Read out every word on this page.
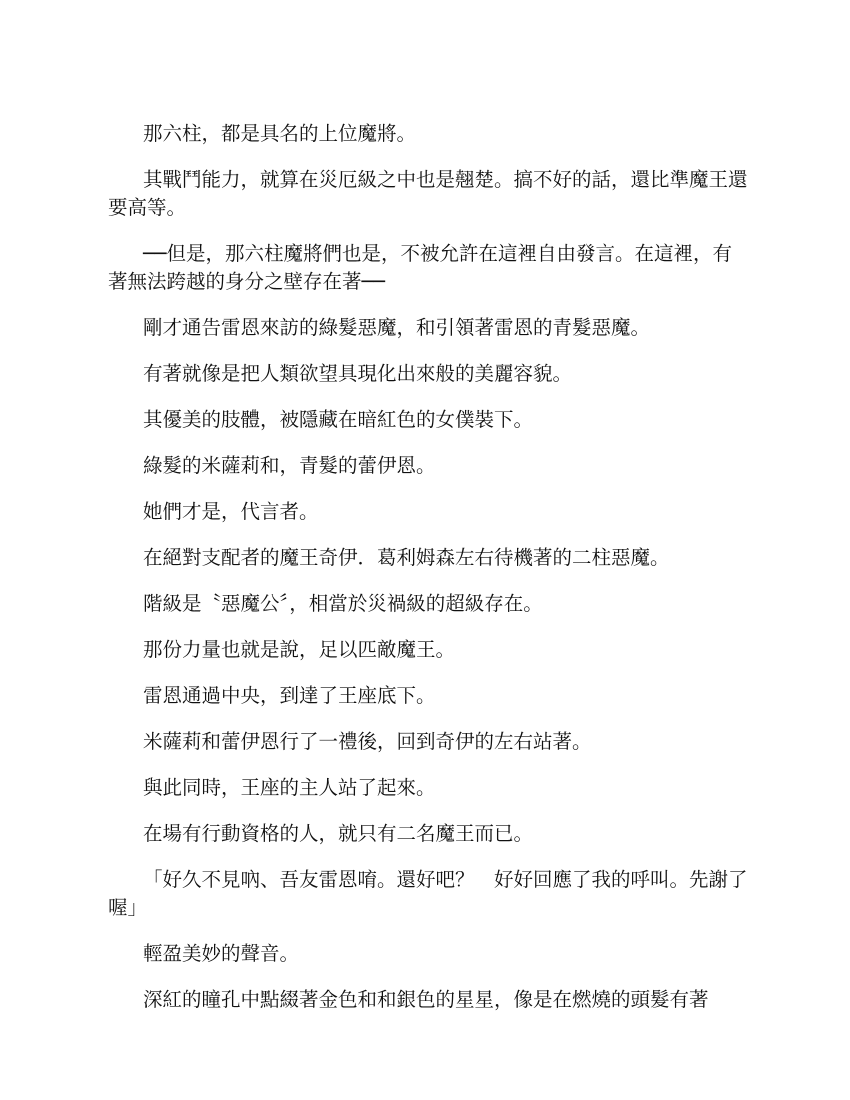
那六柱，都是具名的上位魔將。

其戰鬥能力，就算在災厄級之中也是翹楚。搞不好的話，還比準魔王還要高等。

──但是，那六柱魔將們也是，不被允許在這裡自由發言。在這裡，有著無法跨越的身分之壁存在著──

剛才通告雷恩來訪的綠髮惡魔，和引領著雷恩的青髮惡魔。

有著就像是把人類欲望具現化出來般的美麗容貌。

其優美的肢體，被隱藏在暗紅色的女僕裝下。

綠髮的米薩莉和，青髮的蕾伊恩。

她們才是，代言者。

在絕對支配者的魔王奇伊．葛利姆森左右待機著的二柱惡魔。

階級是〝惡魔公〞，相當於災禍級的超級存在。

那份力量也就是說，足以匹敵魔王。

雷恩通過中央，到達了王座底下。

米薩莉和蕾伊恩行了一禮後，回到奇伊的左右站著。

與此同時，王座的主人站了起來。

在場有行動資格的人，就只有二名魔王而已。

「好久不見吶、吾友雷恩唷。還好吧？　好好回應了我的呼叫。先謝了喔」

輕盈美妙的聲音。

深紅的瞳孔中點綴著金色和和銀色的星星，像是在燃燒的頭髮有著
